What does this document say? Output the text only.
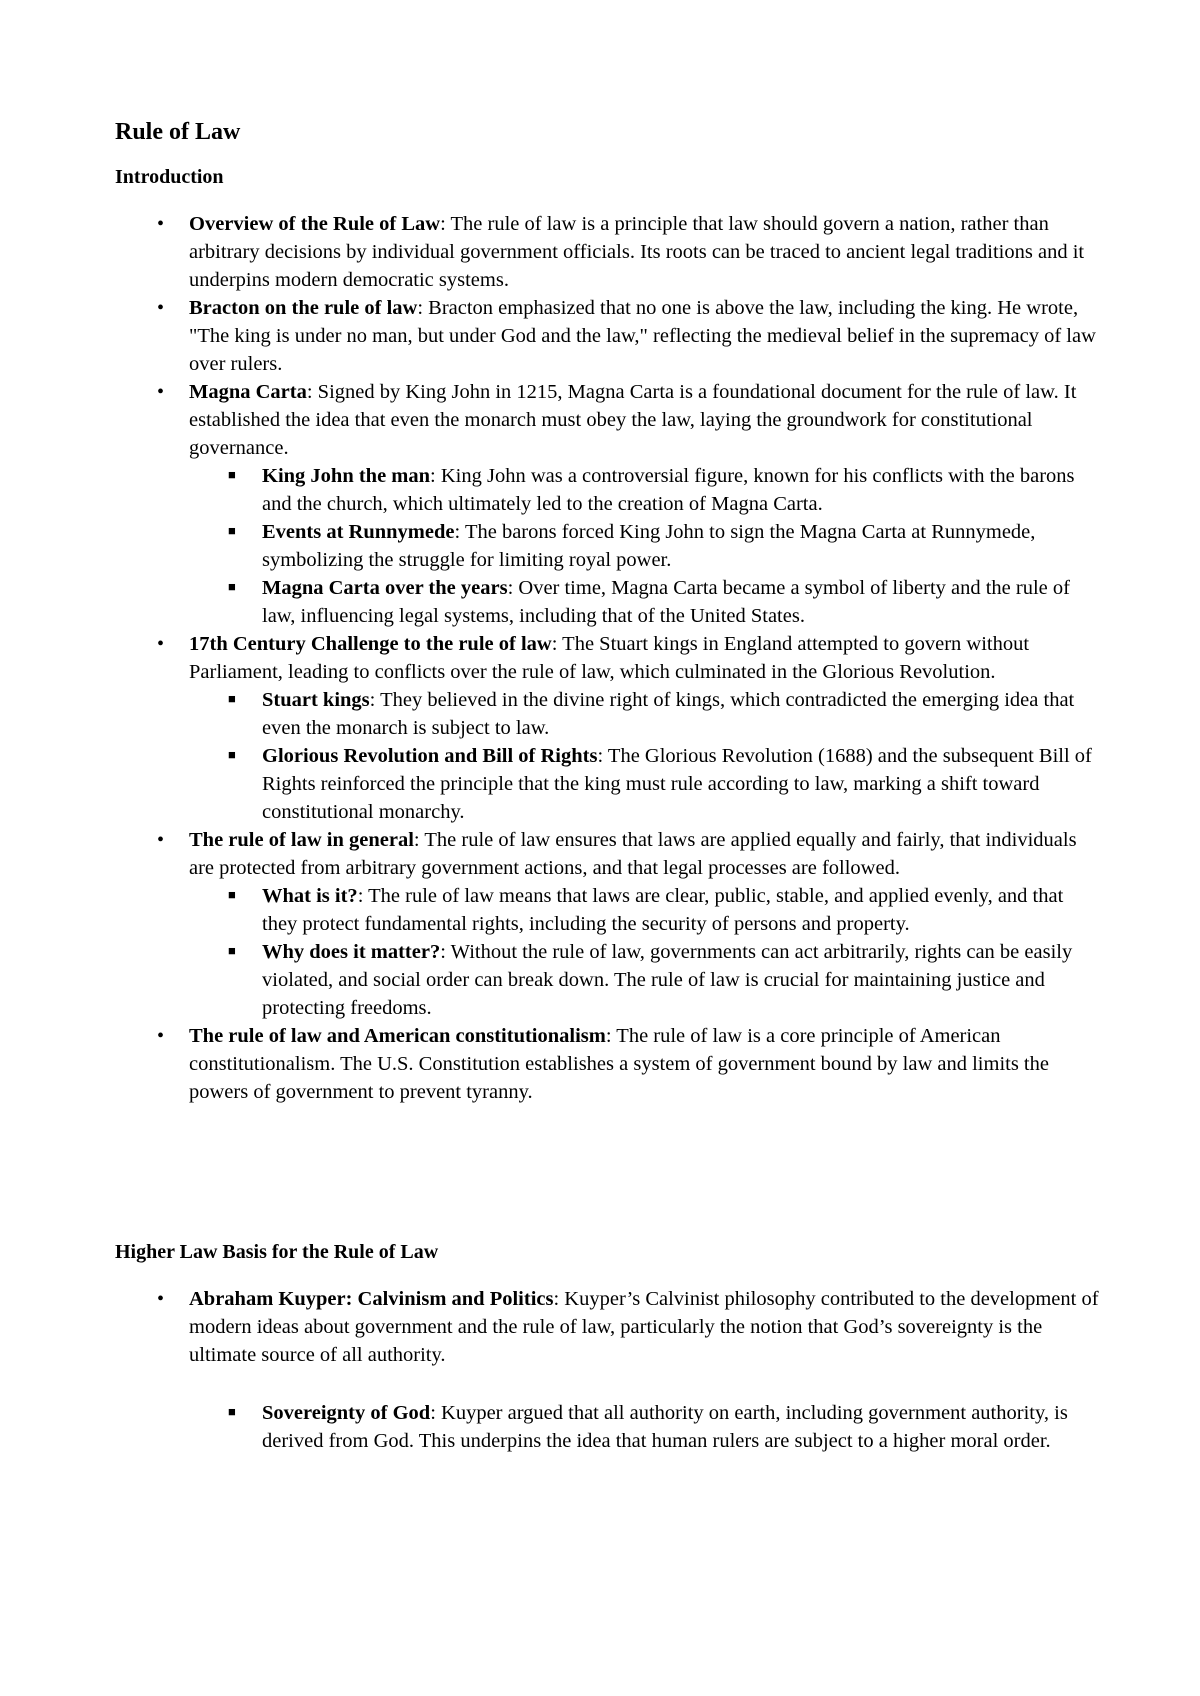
Rule of Law
Introduction
• Overview of the Rule of Law: The rule of law is a principle that law should govern a nation, rather than arbitrary decisions by individual government officials. Its roots can be traced to ancient legal traditions and it underpins modern democratic systems.
• Bracton on the rule of law: Bracton emphasized that no one is above the law, including the king. He wrote, "The king is under no man, but under God and the law," reflecting the medieval belief in the supremacy of law over rulers.
• Magna Carta: Signed by King John in 1215, Magna Carta is a foundational document for the rule of law. It established the idea that even the monarch must obey the law, laying the groundwork for constitutional governance.
■ King John the man: King John was a controversial figure, known for his conflicts with the barons and the church, which ultimately led to the creation of Magna Carta.
■ Events at Runnymede: The barons forced King John to sign the Magna Carta at Runnymede, symbolizing the struggle for limiting royal power.
■ Magna Carta over the years: Over time, Magna Carta became a symbol of liberty and the rule of law, influencing legal systems, including that of the United States.
• 17th Century Challenge to the rule of law: The Stuart kings in England attempted to govern without Parliament, leading to conflicts over the rule of law, which culminated in the Glorious Revolution.
■ Stuart kings: They believed in the divine right of kings, which contradicted the emerging idea that even the monarch is subject to law.
■ Glorious Revolution and Bill of Rights: The Glorious Revolution (1688) and the subsequent Bill of Rights reinforced the principle that the king must rule according to law, marking a shift toward constitutional monarchy.
• The rule of law in general: The rule of law ensures that laws are applied equally and fairly, that individuals are protected from arbitrary government actions, and that legal processes are followed.
■ What is it?: The rule of law means that laws are clear, public, stable, and applied evenly, and that they protect fundamental rights, including the security of persons and property.
■ Why does it matter?: Without the rule of law, governments can act arbitrarily, rights can be easily violated, and social order can break down. The rule of law is crucial for maintaining justice and protecting freedoms.
• The rule of law and American constitutionalism: The rule of law is a core principle of American constitutionalism. The U.S. Constitution establishes a system of government bound by law and limits the powers of government to prevent tyranny.
Higher Law Basis for the Rule of Law
• Abraham Kuyper: Calvinism and Politics: Kuyper’s Calvinist philosophy contributed to the development of modern ideas about government and the rule of law, particularly the notion that God’s sovereignty is the ultimate source of all authority.
■ Sovereignty of God: Kuyper argued that all authority on earth, including government authority, is derived from God. This underpins the idea that human rulers are subject to a higher moral order.
